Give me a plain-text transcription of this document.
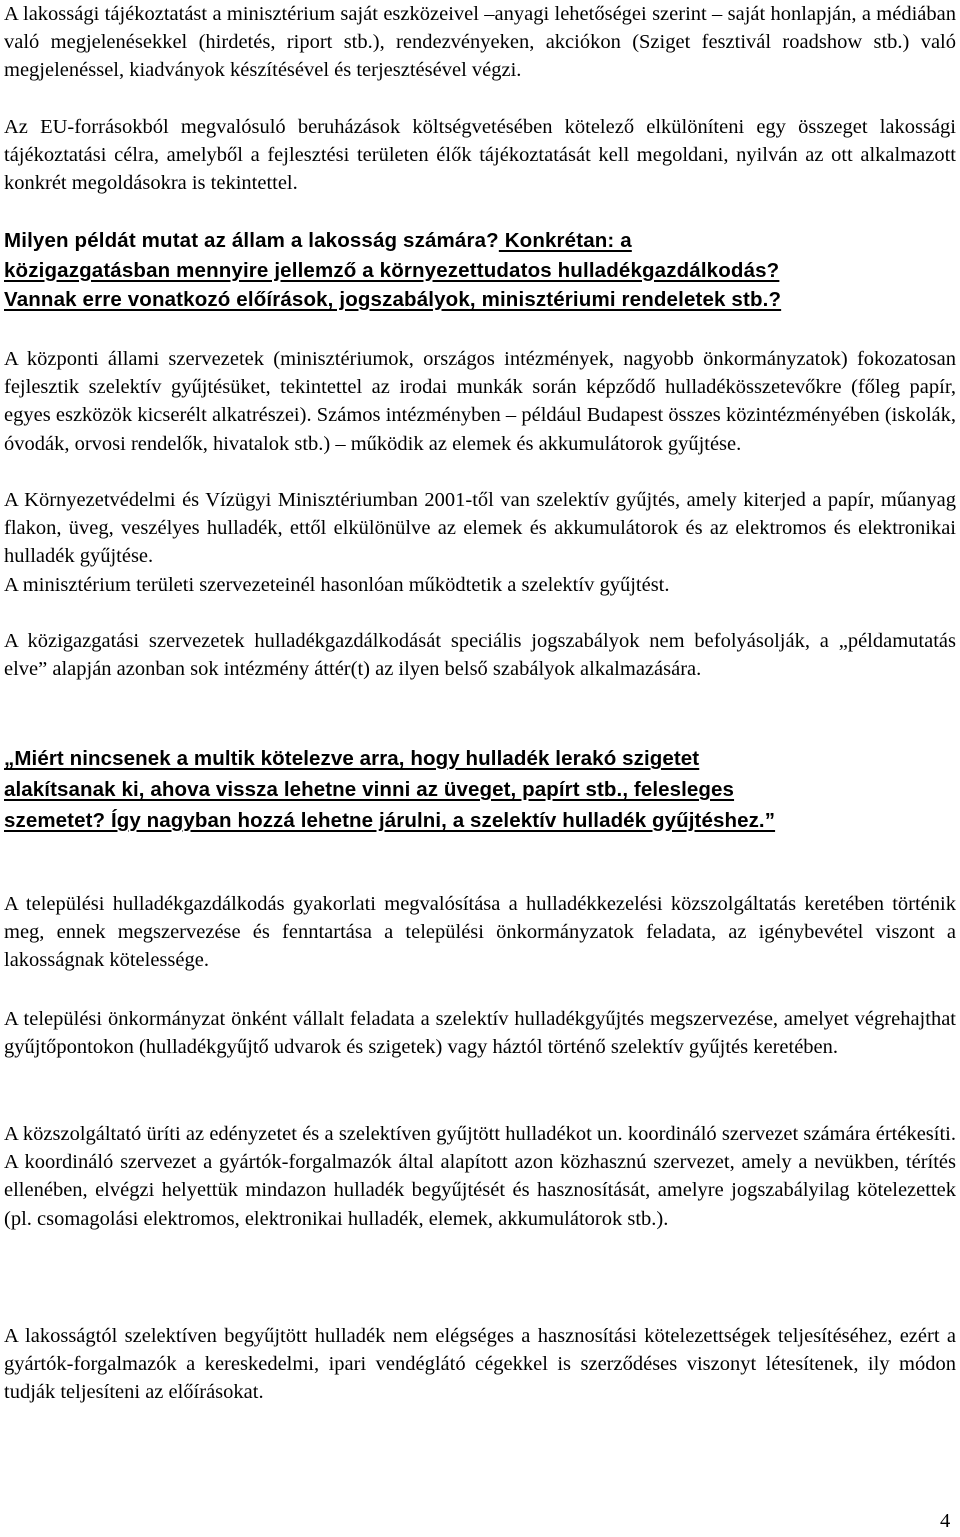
A lakossági tájékoztatást a minisztérium saját eszközeivel –anyagi lehetőségei szerint – saját honlapján, a médiában való megjelenésekkel (hirdetés, riport stb.), rendezvényeken, akciókon (Sziget fesztivál roadshow stb.) való megjelenéssel, kiadványok készítésével és terjesztésével végzi.

Az EU-forrásokból megvalósuló beruházások költségvetésében kötelező elkülöníteni egy összeget lakossági tájékoztatási célra, amelyből a fejlesztési területen élők tájékoztatását kell megoldani, nyilván az ott alkalmazott konkrét megoldásokra is tekintettel.

Milyen példát mutat az állam a lakosság számára? Konkrétan: a
közigazgatásban mennyire jellemző a környezettudatos hulladékgazdálkodás?
Vannak erre vonatkozó előírások, jogszabályok, minisztériumi rendeletek stb.?

A központi állami szervezetek (minisztériumok, országos intézmények, nagyobb önkormányzatok) fokozatosan fejlesztik szelektív gyűjtésüket, tekintettel az irodai munkák során képződő hulladékösszetevőkre (főleg papír, egyes eszközök kicserélt alkatrészei). Számos intézményben – például Budapest összes közintézményében (iskolák, óvodák, orvosi rendelők, hivatalok stb.) – működik az elemek és akkumulátorok gyűjtése.

A Környezetvédelmi és Vízügyi Minisztériumban 2001-től van szelektív gyűjtés, amely kiterjed a papír, műanyag flakon, üveg, veszélyes hulladék, ettől elkülönülve az elemek és akkumulátorok és az elektromos és elektronikai hulladék gyűjtése.

A minisztérium területi szervezeteinél hasonlóan működtetik a szelektív gyűjtést.

A közigazgatási szervezetek hulladékgazdálkodását speciális jogszabályok nem befolyásolják, a „példamutatás elve” alapján azonban sok intézmény áttér(t) az ilyen belső szabályok alkalmazására.

„Miért nincsenek a multik kötelezve arra, hogy hulladék lerakó szigetet
alakítsanak ki, ahova vissza lehetne vinni az üveget, papírt stb., felesleges
szemetet? Így nagyban hozzá lehetne járulni, a szelektív hulladék gyűjtéshez.”

A települési hulladékgazdálkodás gyakorlati megvalósítása a hulladékkezelési közszolgáltatás keretében történik meg, ennek megszervezése és fenntartása a települési önkormányzatok feladata, az igénybevétel viszont a lakosságnak kötelessége.

A települési önkormányzat önként vállalt feladata a szelektív hulladékgyűjtés megszervezése, amelyet végrehajthat gyűjtőpontokon (hulladékgyűjtő udvarok és szigetek) vagy háztól történő szelektív gyűjtés keretében.

A közszolgáltató üríti az edényzetet és a szelektíven gyűjtött hulladékot un. koordináló szervezet számára értékesíti. A koordináló szervezet a gyártók-forgalmazók által alapított azon közhasznú szervezet, amely a nevükben, térítés ellenében, elvégzi helyettük mindazon hulladék begyűjtését és hasznosítását, amelyre jogszabályilag kötelezettek (pl. csomagolási elektromos, elektronikai hulladék, elemek, akkumulátorok stb.).

A lakosságtól szelektíven begyűjtött hulladék nem elégséges a hasznosítási kötelezettségek teljesítéséhez, ezért a gyártók-forgalmazók a kereskedelmi, ipari vendéglátó cégekkel is szerződéses viszonyt létesítenek, ily módon tudják teljesíteni az előírásokat.

4
